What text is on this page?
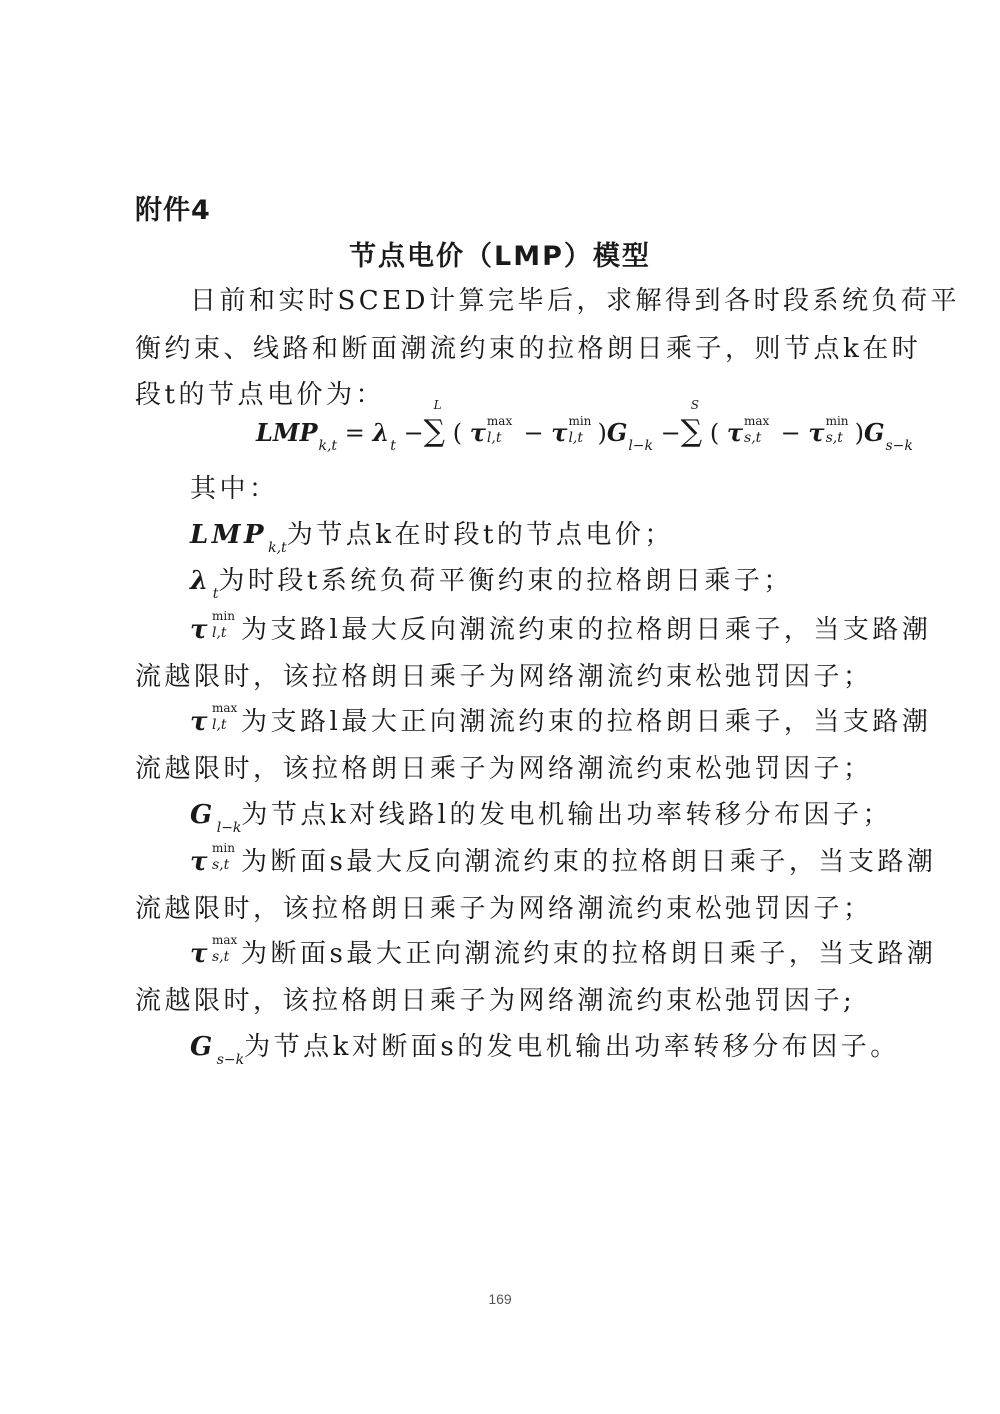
附件4
节点电价（LMP）模型
日前和实时SCED计算完毕后，求解得到各时段系统负荷平
衡约束、线路和断面潮流约束的拉格朗日乘子，则节点k在时
段t的节点电价为：
$LMP_{k,t} = \lambda_t$ −∑
L
( τ max
l,t − τ min
l,t )$G_{l-k}$ −∑
S
( τ max
s,t − τ min
s,t )$G_{s-k}$
其中：
$LMP_{k,t}$为节点k在时段t的节点电价；
$\lambda_t$为时段t系统负荷平衡约束的拉格朗日乘子；
τ min
l,t 为支路l最大反向潮流约束的拉格朗日乘子，当支路潮
流越限时，该拉格朗日乘子为网络潮流约束松弛罚因子；
τ max
l,t 为支路l最大正向潮流约束的拉格朗日乘子，当支路潮
流越限时，该拉格朗日乘子为网络潮流约束松弛罚因子；
$G_{l-k}$为节点k对线路l的发电机输出功率转移分布因子；
τ min
s,t 为断面s最大反向潮流约束的拉格朗日乘子，当支路潮
流越限时，该拉格朗日乘子为网络潮流约束松弛罚因子；
τ max
s,t 为断面s最大正向潮流约束的拉格朗日乘子，当支路潮
流越限时，该拉格朗日乘子为网络潮流约束松弛罚因子;
$G_{s-k}$为节点k对断面s的发电机输出功率转移分布因子。
169
